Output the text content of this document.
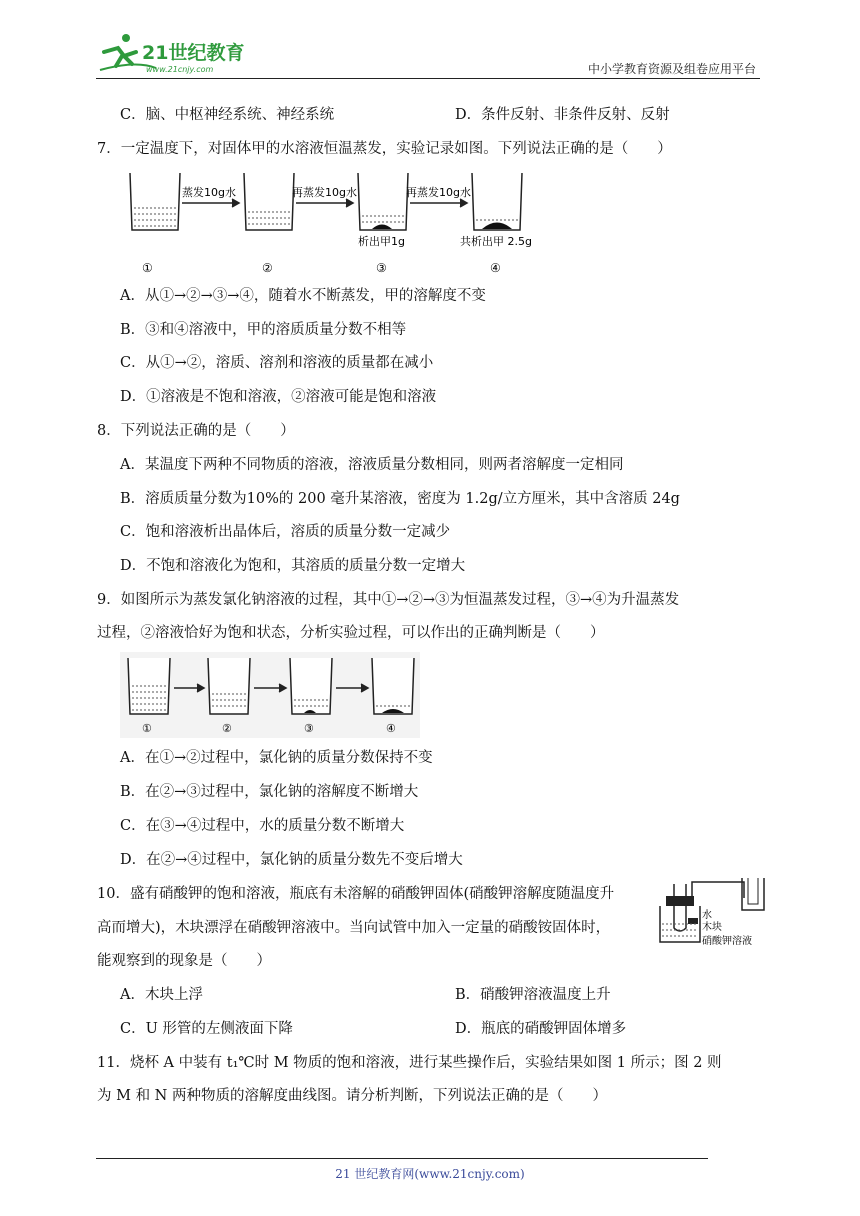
21世纪教育
www.21cnjy.com	中小学教育资源及组卷应用平台
C．脑、中枢神经系统、神经系统	D．条件反射、非条件反射、反射
7．一定温度下，对固体甲的水溶液恒温蒸发，实验记录如图。下列说法正确的是（　　）
蒸发10g水	再蒸发10g水	再蒸发10g水
析出甲1g	共析出甲 2.5g
①	②	③	④
A．从①→②→③→④，随着水不断蒸发，甲的溶解度不变
B．③和④溶液中，甲的溶质质量分数不相等
C．从①→②，溶质、溶剂和溶液的质量都在减小
D．①溶液是不饱和溶液，②溶液可能是饱和溶液
8．下列说法正确的是（　　）
A．某温度下两种不同物质的溶液，溶液质量分数相同，则两者溶解度一定相同
B．溶质质量分数为10%的 200 毫升某溶液，密度为 1.2g/立方厘米，其中含溶质 24g
C．饱和溶液析出晶体后，溶质的质量分数一定减少
D．不饱和溶液化为饱和，其溶质的质量分数一定增大
9．如图所示为蒸发氯化钠溶液的过程，其中①→②→③为恒温蒸发过程，③→④为升温蒸发
过程，②溶液恰好为饱和状态，分析实验过程，可以作出的正确判断是（　　）
①	②	③	④
A．在①→②过程中，氯化钠的质量分数保持不变
B．在②→③过程中，氯化钠的溶解度不断增大
C．在③→④过程中，水的质量分数不断增大
D．在②→④过程中，氯化钠的质量分数先不变后增大
10．盛有硝酸钾的饱和溶液，瓶底有未溶解的硝酸钾固体(硝酸钾溶解度随温度升
高而增大)，木块漂浮在硝酸钾溶液中。当向试管中加入一定量的硝酸铵固体时，
能观察到的现象是（　　）
水
木块
硝酸钾溶液
A．木块上浮	B．硝酸钾溶液温度上升
C．U 形管的左侧液面下降	D．瓶底的硝酸钾固体增多
11．烧杯 A 中装有 t₁℃时 M 物质的饱和溶液，进行某些操作后，实验结果如图 1 所示；图 2 则
为 M 和 N 两种物质的溶解度曲线图。请分析判断，下列说法正确的是（　　）
21 世纪教育网(www.21cnjy.com)
